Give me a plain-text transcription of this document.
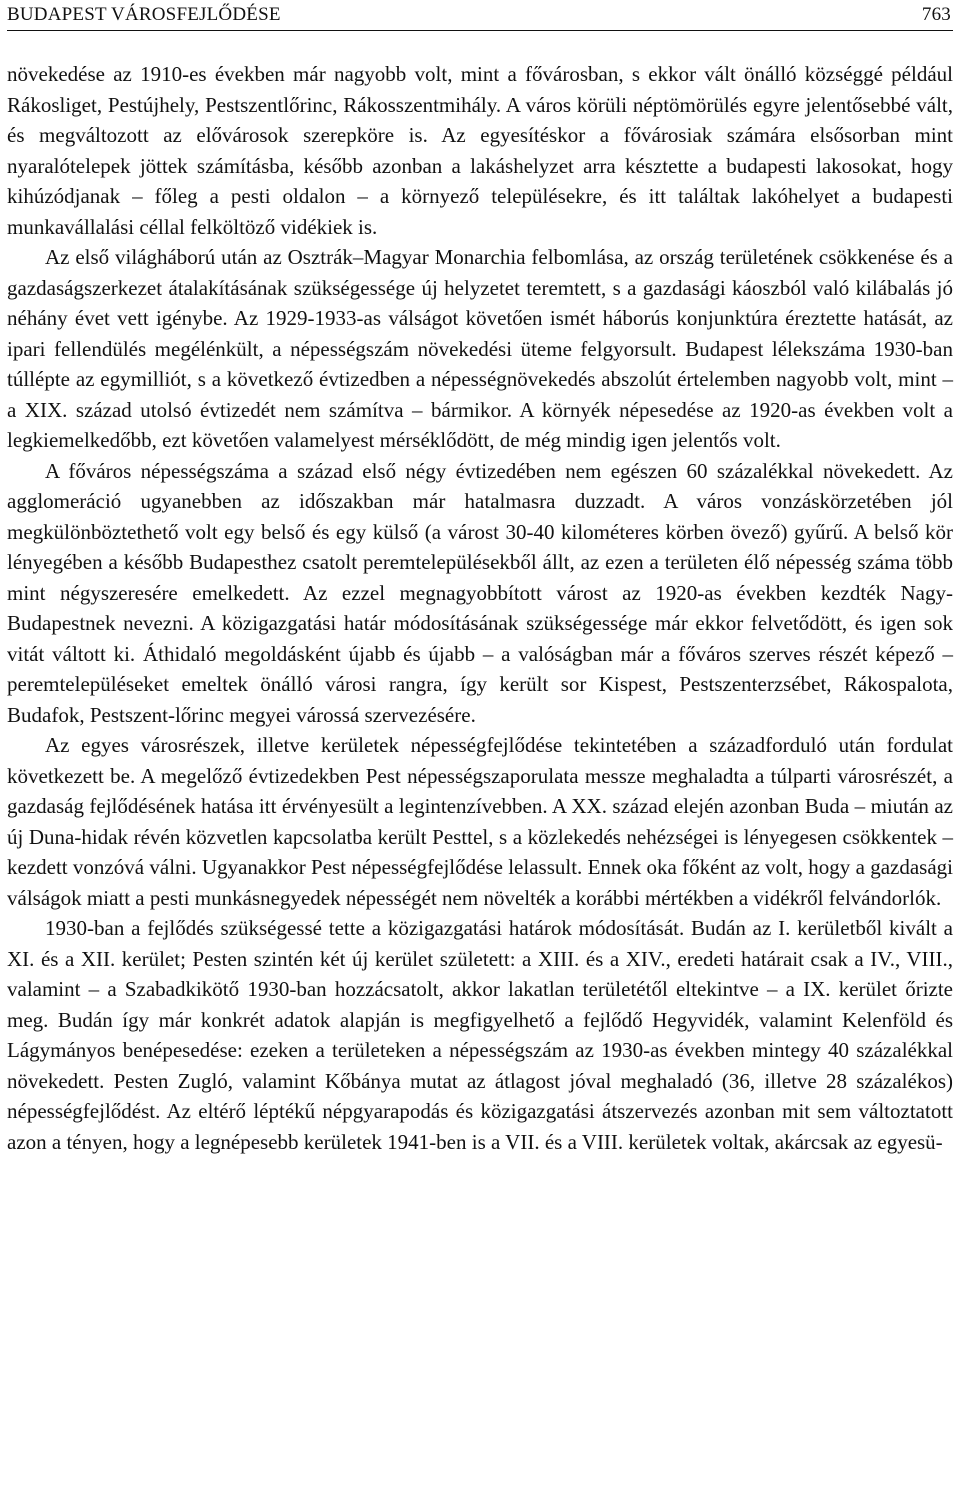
BUDAPEST VÁROSFEJLŐDÉSE	763

növekedése az 1910-es években már nagyobb volt, mint a fővárosban, s ekkor vált önálló községgé például Rákosliget, Pestújhely, Pestszentlőrinc, Rákosszentmihály. A város körüli néptömörülés egyre jelentősebbé vált, és megváltozott az elővárosok szerepköre is. Az egyesítéskor a fővárosiak számára elsősorban mint nyaralótelepek jöttek számításba, később azonban a lakáshelyzet arra késztette a budapesti lakosokat, hogy kihúzódjanak – főleg a pesti oldalon – a környező településekre, és itt találtak lakóhelyet a budapesti munkavállalási céllal felköltöző vidékiek is.

Az első világháború után az Osztrák–Magyar Monarchia felbomlása, az ország területének csökkenése és a gazdaságszerkezet átalakításának szükségessége új helyzetet teremtett, s a gazdasági káoszból való kilábalás jó néhány évet vett igénybe. Az 1929-1933-as válságot követően ismét háborús konjunktúra éreztette hatását, az ipari fellendülés megélénkült, a népességszám növekedési üteme felgyorsult. Budapest lélekszáma 1930-ban túllépte az egymilliót, s a következő évtizedben a népességnövekedés abszolút értelemben nagyobb volt, mint – a XIX. század utolsó évtizedét nem számítva – bármikor. A környék népesedése az 1920-as években volt a legkiemelkedőbb, ezt követően valamelyest mérséklődött, de még mindig igen jelentős volt.

A főváros népességszáma a század első négy évtizedében nem egészen 60 százalékkal növekedett. Az agglomeráció ugyanebben az időszakban már hatalmasra duzzadt. A város vonzáskörzetében jól megkülönböztethető volt egy belső és egy külső (a várost 30-40 kilométeres körben övező) gyűrű. A belső kör lényegében a később Budapesthez csatolt peremtelepülésekből állt, az ezen a területen élő népesség száma több mint négyszeresére emelkedett. Az ezzel megnagyobbított várost az 1920-as években kezdték Nagy-Budapestnek nevezni. A közigazgatási határ módosításának szükségessége már ekkor felvetődött, és igen sok vitát váltott ki. Áthidaló megoldásként újabb és újabb – a valóságban már a főváros szerves részét képező – peremtelepüléseket emeltek önálló városi rangra, így került sor Kispest, Pestszenterzsébet, Rákospalota, Budafok, Pestszent-lőrinc megyei várossá szervezésére.

Az egyes városrészek, illetve kerületek népességfejlődése tekintetében a századforduló után fordulat következett be. A megelőző évtizedekben Pest népességszaporulata messze meghaladta a túlparti városrészét, a gazdaság fejlődésének hatása itt érvényesült a legintenzívebben. A XX. század elején azonban Buda – miután az új Duna-hidak révén közvetlen kapcsolatba került Pesttel, s a közlekedés nehézségei is lényegesen csökkentek – kezdett vonzóvá válni. Ugyanakkor Pest népességfejlődése lelassult. Ennek oka főként az volt, hogy a gazdasági válságok miatt a pesti munkásnegyedek népességét nem növelték a korábbi mértékben a vidékről felvándorlók.

1930-ban a fejlődés szükségessé tette a közigazgatási határok módosítását. Budán az I. kerületből kivált a XI. és a XII. kerület; Pesten szintén két új kerület született: a XIII. és a XIV., eredeti határait csak a IV., VIII., valamint – a Szabadkikötő 1930-ban hozzácsatolt, akkor lakatlan területétől eltekintve – a IX. kerület őrizte meg. Budán így már konkrét adatok alapján is megfigyelhető a fejlődő Hegyvidék, valamint Kelenföld és Lágymányos benépesedése: ezeken a területeken a népességszám az 1930-as években mintegy 40 százalékkal növekedett. Pesten Zugló, valamint Kőbánya mutat az átlagost jóval meghaladó (36, illetve 28 százalékos) népességfejlődést. Az eltérő léptékű népgyarapodás és közigazgatási átszervezés azonban mit sem változtatott azon a tényen, hogy a legnépesebb kerületek 1941-ben is a VII. és a VIII. kerületek voltak, akárcsak az egyesü-
